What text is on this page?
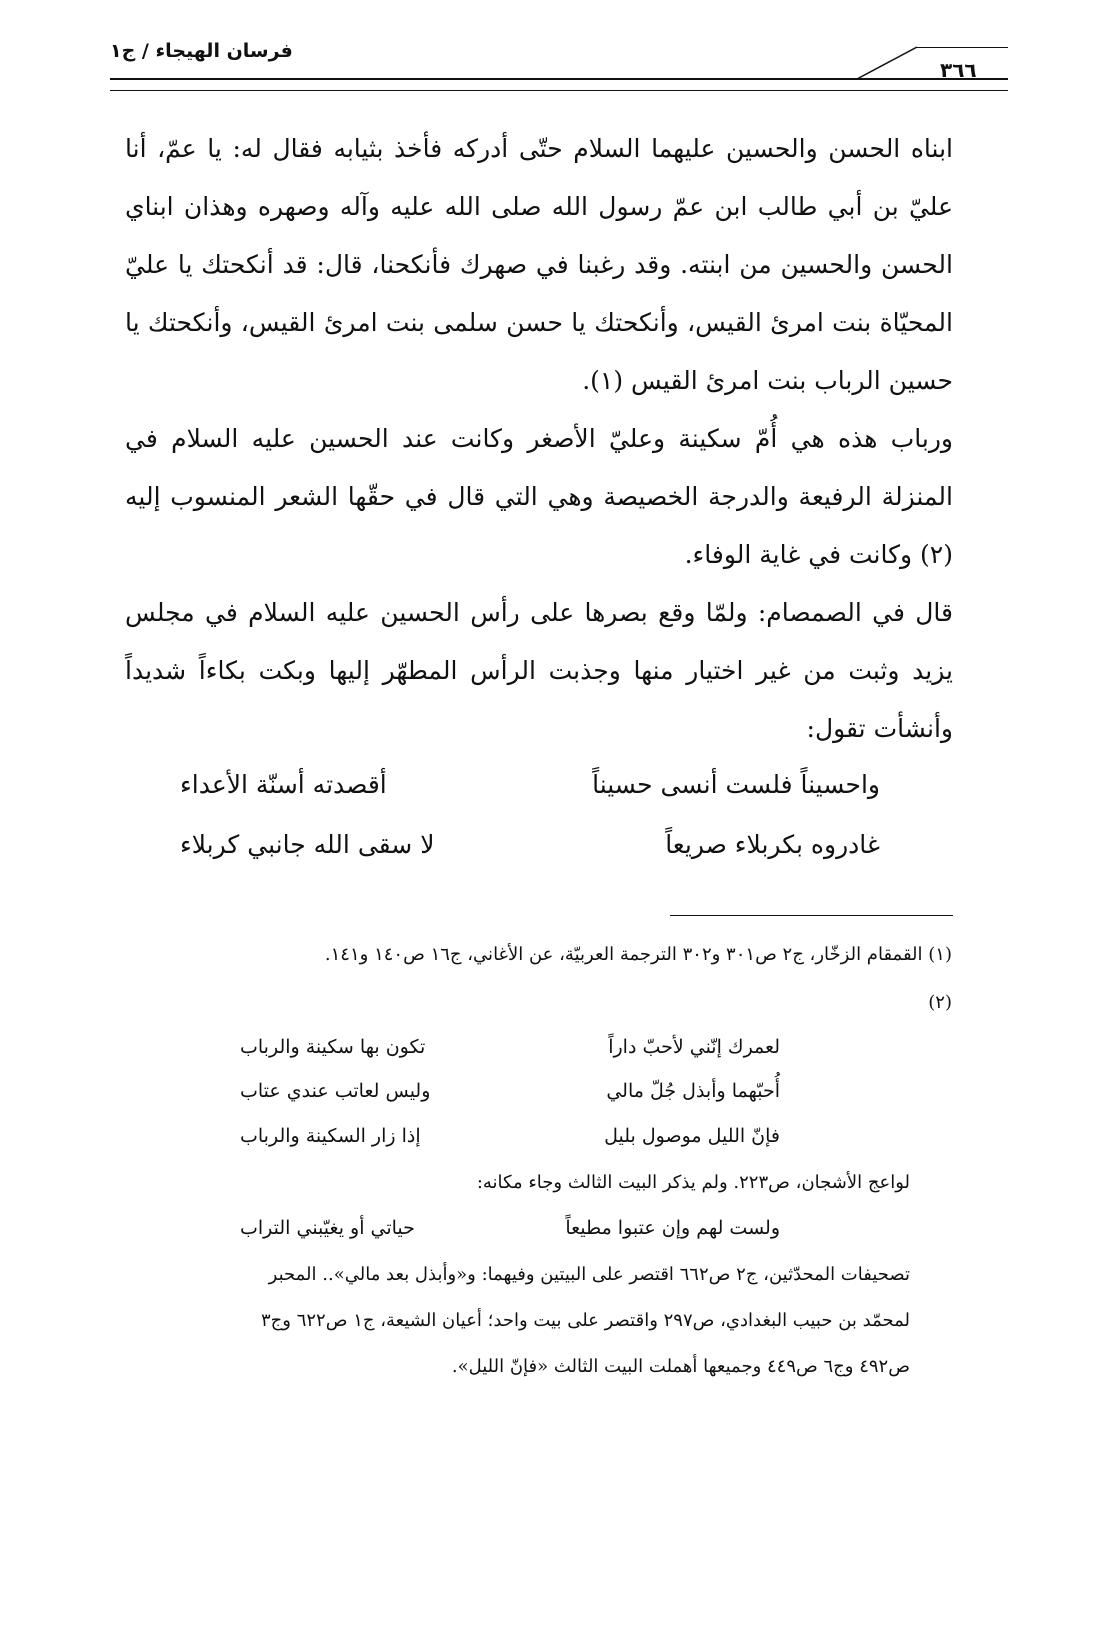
فرسان الهيجاء / ج١
٣٦٦

ابناه الحسن والحسين عليهما السلام حتّى أدركه فأخذ بثيابه فقال له: يا عمّ، أنا عليّ بن أبي طالب ابن عمّ رسول الله صلى الله عليه وآله وصهره وهذان ابناي الحسن والحسين من ابنته. وقد رغبنا في صهرك فأنكحنا، قال: قد أنكحتك يا عليّ المحيّاة بنت امرئ القيس، وأنكحتك يا حسن سلمى بنت امرئ القيس، وأنكحتك يا حسين الرباب بنت امرئ القيس (١).

ورباب هذه هي أُمّ سكينة وعليّ الأصغر وكانت عند الحسين عليه السلام في المنزلة الرفيعة والدرجة الخصيصة وهي التي قال في حقّها الشعر المنسوب إليه (٢) وكانت في غاية الوفاء.

قال في الصمصام: ولمّا وقع بصرها على رأس الحسين عليه السلام في مجلس يزيد وثبت من غير اختيار منها وجذبت الرأس المطهّر إليها وبكت بكاءاً شديداً وأنشأت تقول:

واحسيناً فلست أنسى حسيناً
أقصدته أسنّة الأعداء
غادروه بكربلاء صريعاً
لا سقى الله جانبي كربلاء
(١) القمقام الزخّار، ج٢ ص٣٠١ و٣٠٢ الترجمة العربيّة، عن الأغاني، ج١٦ ص١٤٠ و١٤١.
(٢)
لعمرك إنّني لأحبّ داراً
تكون بها سكينة والرباب
أُحبّهما وأبذل جُلّ مالي
وليس لعاتب عندي عتاب
فإنّ الليل موصول بليل
إذا زار السكينة والرباب
لواعج الأشجان، ص٢٢٣. ولم يذكر البيت الثالث وجاء مكانه:
ولست لهم وإن عتبوا مطيعاً
حياتي أو يغيّبني التراب
تصحيفات المحدّثين، ج٢ ص٦٦٢ اقتصر على البيتين وفيهما: و«وأبذل بعد مالي».. المحبر
لمحمّد بن حبيب البغدادي، ص٢٩٧ واقتصر على بيت واحد؛ أعيان الشيعة، ج١ ص٦٢٢ وج٣
ص٤٩٢ وج٦ ص٤٤٩ وجميعها أهملت البيت الثالث «فإنّ الليل».
